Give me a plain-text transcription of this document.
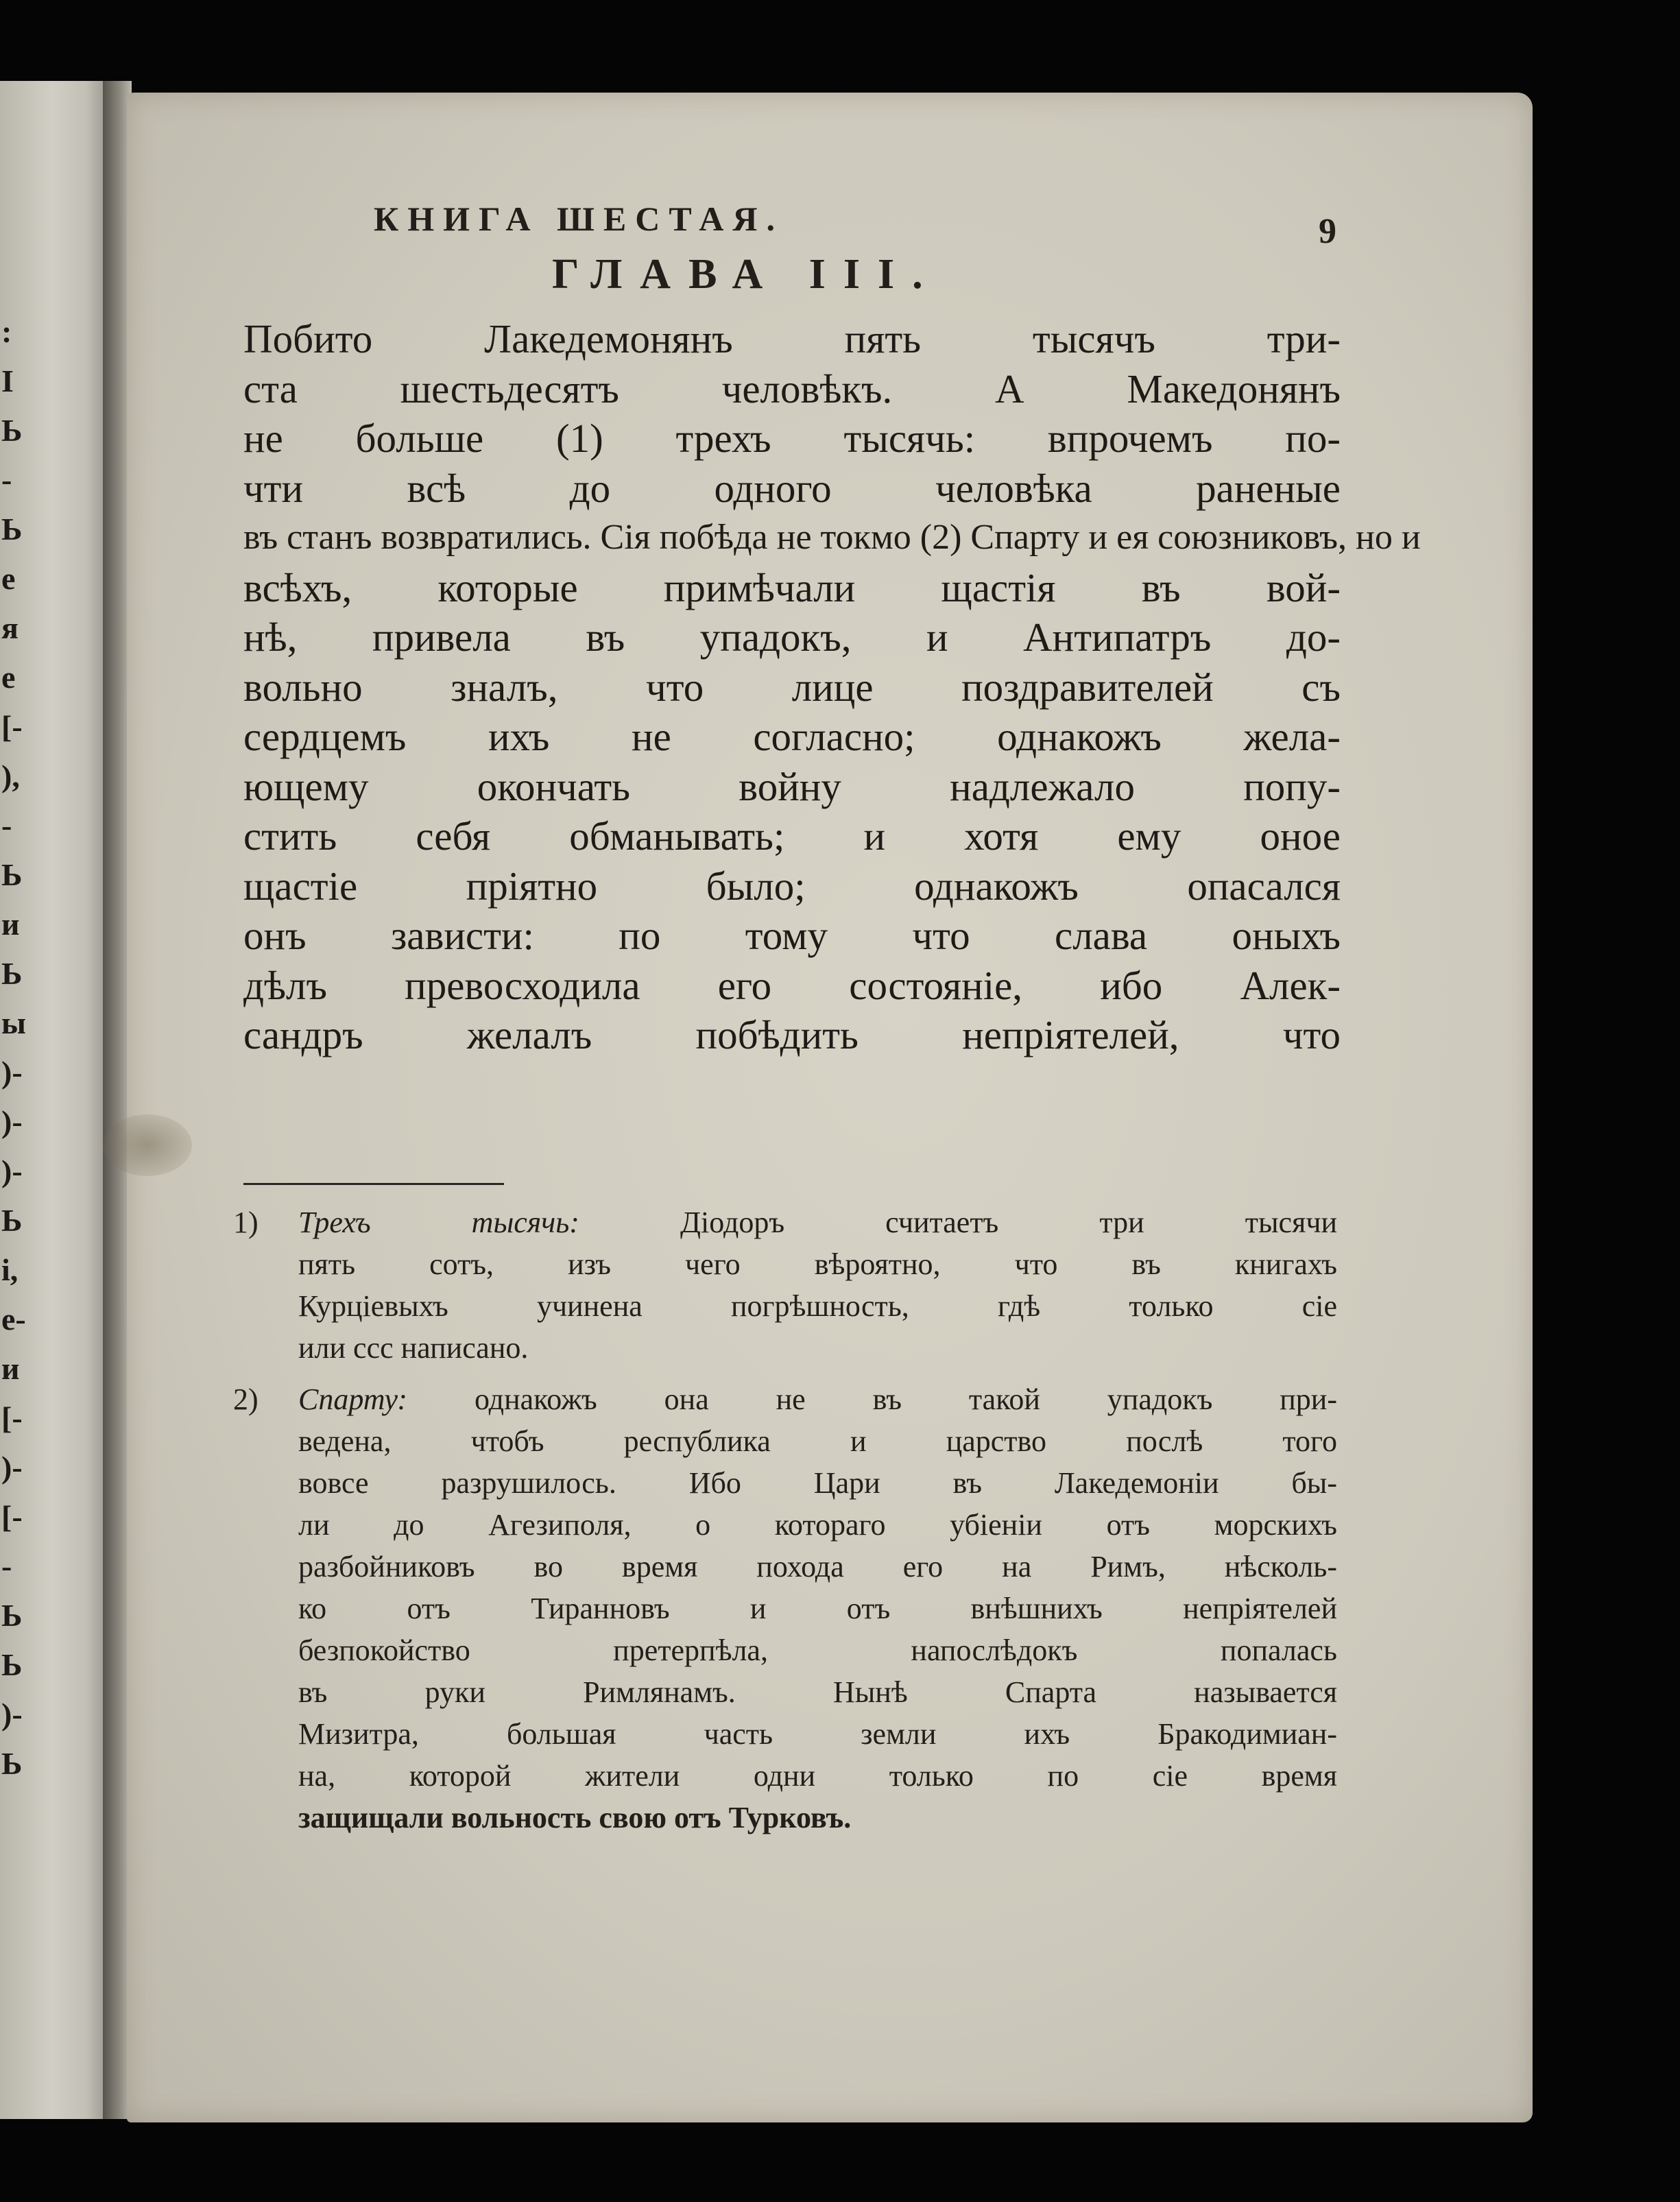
:
I
Ь
-
Ь
е
я
е
[-
),
-
Ь
и
Ь
ы
)-
)-
)-
Ь
і,
е-
и
[-
)-
[-
-
Ь
Ь
)-
Ь
КНИГА ШЕСТАЯ.	9
ГЛАВА III.

Побито Лакедемонянъ пять тысячъ три-
ста шестьдесятъ человѣкъ. А Македонянъ
не больше (1) трехъ тысячь: впрочемъ по-
чти всѣ до одного человѣка раненые
въ станъ возвратились. Сія побѣда не токмо (2) Спарту и ея союзниковъ, но и
всѣхъ, которые примѣчали щастія въ вой-
нѣ, привела въ упадокъ, и Антипатръ до-
вольно зналъ, что лице поздравителей съ
сердцемъ ихъ не согласно; однакожъ жела-
ющему окончать войну надлежало попу-
стить себя обманывать; и хотя ему оное
щастіе пріятно было; однакожъ опасался
онъ зависти: по тому что слава оныхъ
дѣлъ превосходила его состояніе, ибо Алек-
сандръ желалъ побѣдить непріятелей, что

1) Трехъ тысячь:	Діодоръ считаетъ три тысячи
пять сотъ, изъ чего вѣроятно, что въ книгахъ
Курціевыхъ учинена погрѣшность, гдѣ только сіе
или ссс написано.
2) Спарту: однакожъ она не въ такой упадокъ при-
ведена, чтобъ республика и царство послѣ того
вовсе разрушилось. Ибо Цари въ Лакедемоніи бы-
ли до Агезиполя, о котораго убіеніи отъ морскихъ
разбойниковъ во время похода его на Римъ, нѣсколь-
ко отъ Тиранновъ и отъ внѣшнихъ непріятелей
безпокойство претерпѣла, напослѣдокъ попалась
въ руки Римлянамъ. Нынѣ Спарта называется
Мизитра, большая часть земли ихъ Бракодимиан-
на, которой жители одни только по сіе время
защищали вольность свою отъ Турковъ.
